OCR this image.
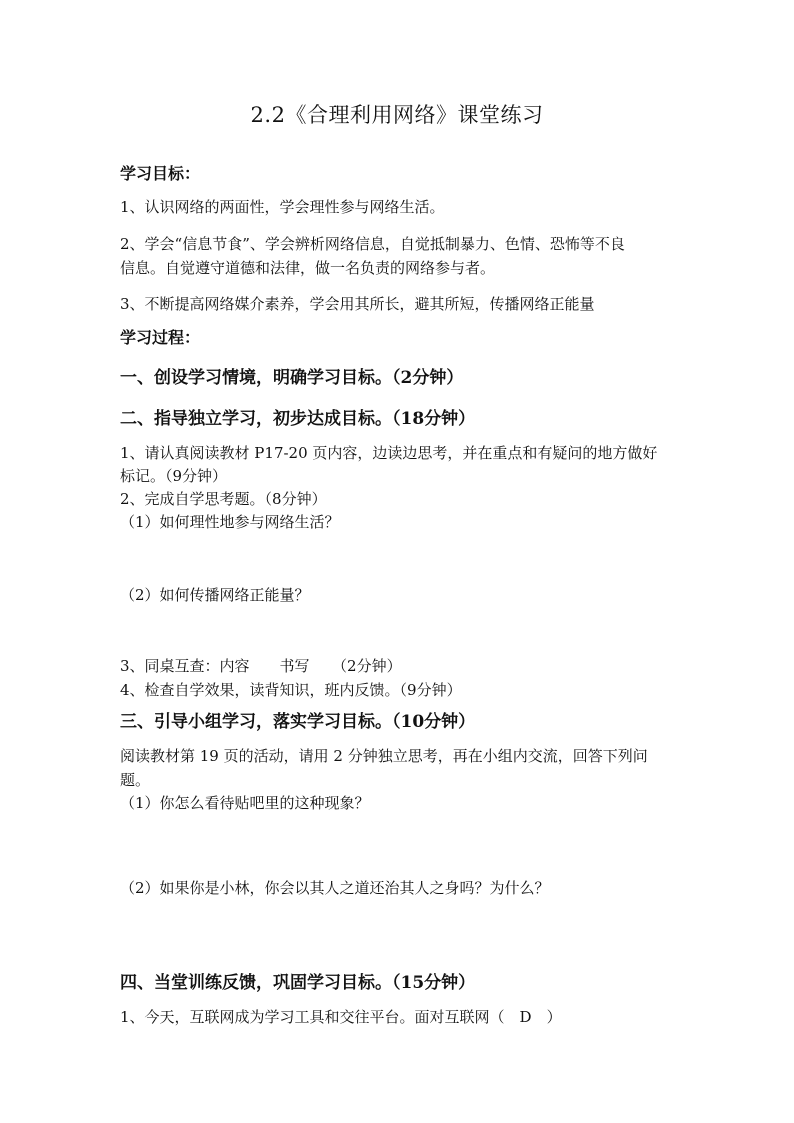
2.2《合理利用网络》课堂练习
学习目标：
1、认识网络的两面性，学会理性参与网络生活。
2、学会“信息节食”、学会辨析网络信息，自觉抵制暴力、色情、恐怖等不良
信息。自觉遵守道德和法律，做一名负责的网络参与者。
3、不断提高网络媒介素养，学会用其所长，避其所短，传播网络正能量
学习过程：
一、创设学习情境，明确学习目标。（2分钟）
二、指导独立学习，初步达成目标。（18分钟）
1、请认真阅读教材 P17-20 页内容，边读边思考，并在重点和有疑问的地方做好
标记。（9分钟）
2、完成自学思考题。（8分钟）
（1）如何理性地参与网络生活？
（2）如何传播网络正能量？
3、同桌互查：内容　　书写　　（2分钟）
4、检查自学效果，读背知识，班内反馈。（9分钟）
三、引导小组学习，落实学习目标。（10分钟）
阅读教材第 19 页的活动，请用 2 分钟独立思考，再在小组内交流，回答下列问
题。
（1）你怎么看待贴吧里的这种现象？
（2）如果你是小林，你会以其人之道还治其人之身吗？为什么？
四、当堂训练反馈，巩固学习目标。（15分钟）
1、今天，互联网成为学习工具和交往平台。面对互联网（　D　）
